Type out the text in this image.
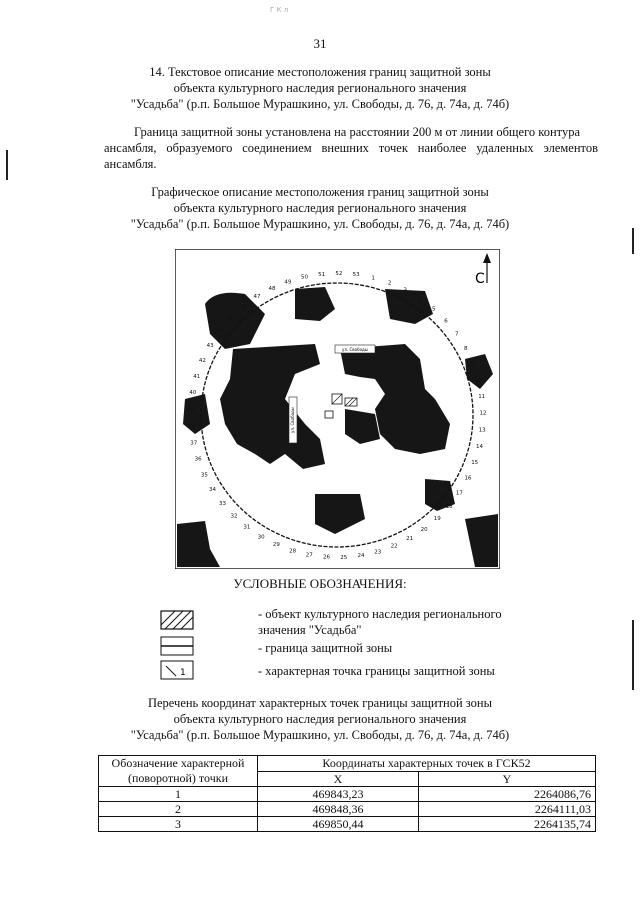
Г К л
31
14. Текстовое описание местоположения границ защитной зоны
объекта культурного наследия регионального значения
"Усадьба" (р.п. Большое Мурашкино, ул. Свободы, д. 76, д. 74а, д. 74б)
Граница защитной зоны установлена на расстоянии 200 м от линии общего контура
ансамбля, образуемого соединением внешних точек наиболее удаленных элементов
ансамбля.
Графическое описание местоположения границ защитной зоны
объекта культурного наследия регионального значения
"Усадьба" (р.п. Большое Мурашкино, ул. Свободы, д. 76, д. 74а, д. 74б)
ул. Свободы
ул. Свободы
С
1
2
3
4
5
6
7
8
9
10
11
12
13
14
15
16
17
18
19
20
21
22
23
24
25
26
27
28
29
30
31
32
33
34
35
36
37
38
39
40
41
42
43
44
45
46
47
48
49
50 51 52 53
УСЛОВНЫЕ ОБОЗНАЧЕНИЯ:
- объект культурного наследия регионального
значения "Усадьба"
- граница защитной зоны
1	- характерная точка границы защитной зоны
Перечень координат характерных точек границы защитной зоны
объекта культурного наследия регионального значения
"Усадьба" (р.п. Большое Мурашкино, ул. Свободы, д. 76, д. 74а, д. 74б)
Обозначение характерной
(поворотной) точки	Координаты характерных точек в ГСК52	
	X	Y
1	469843,23	2264086,76
2	469848,36	2264111,03
3	469850,44	2264135,74
